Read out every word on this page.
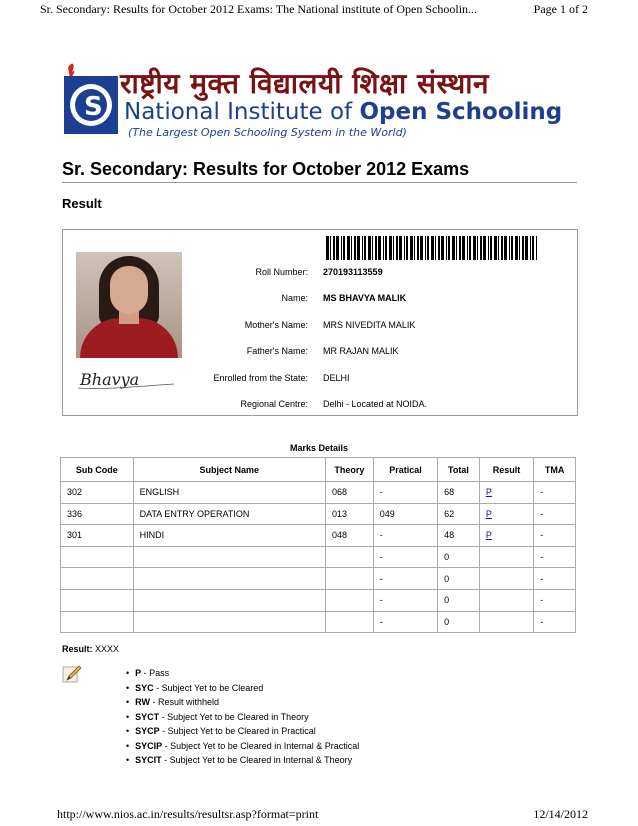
Sr. Secondary: Results for October 2012 Exams: The National institute of Open Schoolin...	Page 1 of 2
S
राष्ट्रीय मुक्त विद्यालयी शिक्षा संस्थान
National Institute of Open Schooling
(The Largest Open Schooling System in the World)
Sr. Secondary: Results for October 2012 Exams
Result
Bhavya
Roll Number: 270193113559
Name: MS BHAVYA MALIK
Mother's Name: MRS NIVEDITA MALIK
Father's Name: MR RAJAN MALIK
Enrolled from the State: DELHI
Regional Centre: Delhi - Located at NOIDA.
Marks Details
Sub Code	Subject Name	Theory	Pratical	Total	Result	TMA
302	ENGLISH	068	-	68	P	-
336	DATA ENTRY OPERATION	013	049	62	P	-
301	HINDI	048	-	48	P	-
			-	0		-
			-	0		-
			-	0		-
			-	0		-
Result: XXXX
• P - Pass
• SYC - Subject Yet to be Cleared
• RW - Result withheld
• SYCT - Subject Yet to be Cleared in Theory
• SYCP - Subject Yet to be Cleared in Practical
• SYCIP - Subject Yet to be Cleared in Internal & Practical
• SYCIT - Subject Yet to be Cleared in Internal & Theory
http://www.nios.ac.in/results/resultsr.asp?format=print	12/14/2012
